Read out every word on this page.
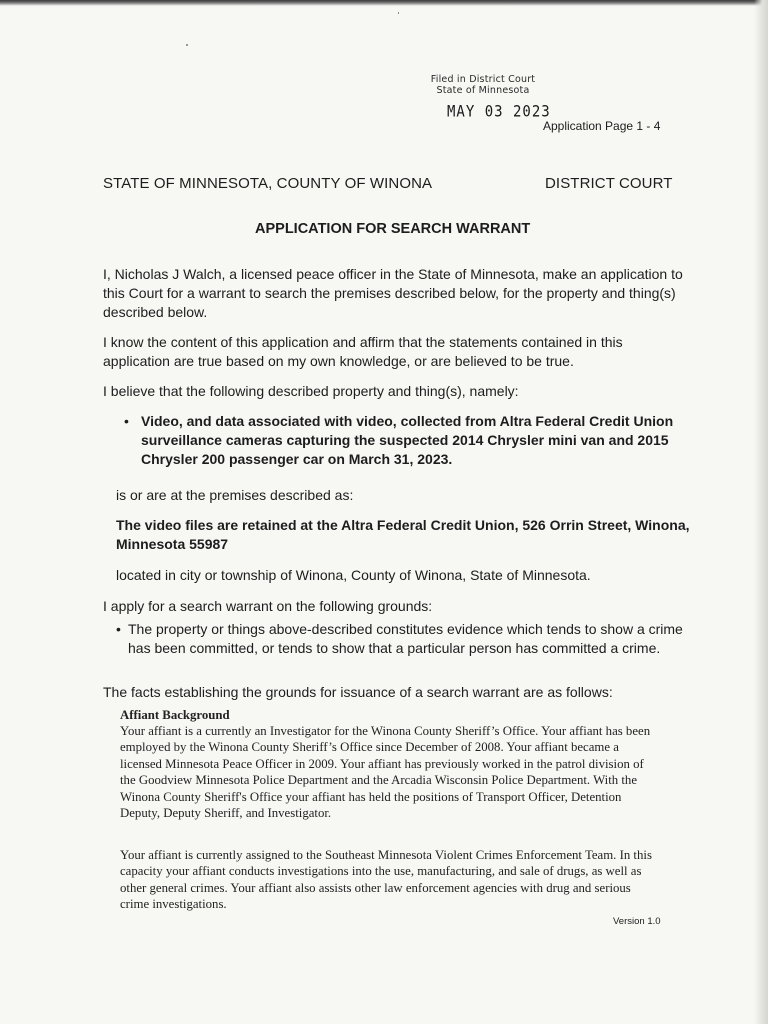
Filed in District Court
State of Minnesota
MAY 03 2023
Application Page 1 - 4
STATE OF MINNESOTA, COUNTY OF WINONA	DISTRICT COURT
APPLICATION FOR SEARCH WARRANT
I, Nicholas J Walch, a licensed peace officer in the State of Minnesota, make an application to
this Court for a warrant to search the premises described below, for the property and thing(s)
described below.
I know the content of this application and affirm that the statements contained in this
application are true based on my own knowledge, or are believed to be true.
I believe that the following described property and thing(s), namely:
• Video, and data associated with video, collected from Altra Federal Credit Union
surveillance cameras capturing the suspected 2014 Chrysler mini van and 2015
Chrysler 200 passenger car on March 31, 2023.
is or are at the premises described as:
The video files are retained at the Altra Federal Credit Union, 526 Orrin Street, Winona,
Minnesota 55987
located in city or township of Winona, County of Winona, State of Minnesota.
I apply for a search warrant on the following grounds:
• The property or things above-described constitutes evidence which tends to show a crime
has been committed, or tends to show that a particular person has committed a crime.
The facts establishing the grounds for issuance of a search warrant are as follows:
Affiant Background
Your affiant is a currently an Investigator for the Winona County Sheriff’s Office. Your affiant has been employed by the Winona County Sheriff’s Office since December of 2008. Your affiant became a licensed Minnesota Peace Officer in 2009. Your affiant has previously worked in the patrol division of the Goodview Minnesota Police Department and the Arcadia Wisconsin Police Department. With the Winona County Sheriff's Office your affiant has held the positions of Transport Officer, Detention Deputy, Deputy Sheriff, and Investigator.
Your affiant is currently assigned to the Southeast Minnesota Violent Crimes Enforcement Team. In this capacity your affiant conducts investigations into the use, manufacturing, and sale of drugs, as well as other general crimes. Your affiant also assists other law enforcement agencies with drug and serious crime investigations.
Version 1.0
